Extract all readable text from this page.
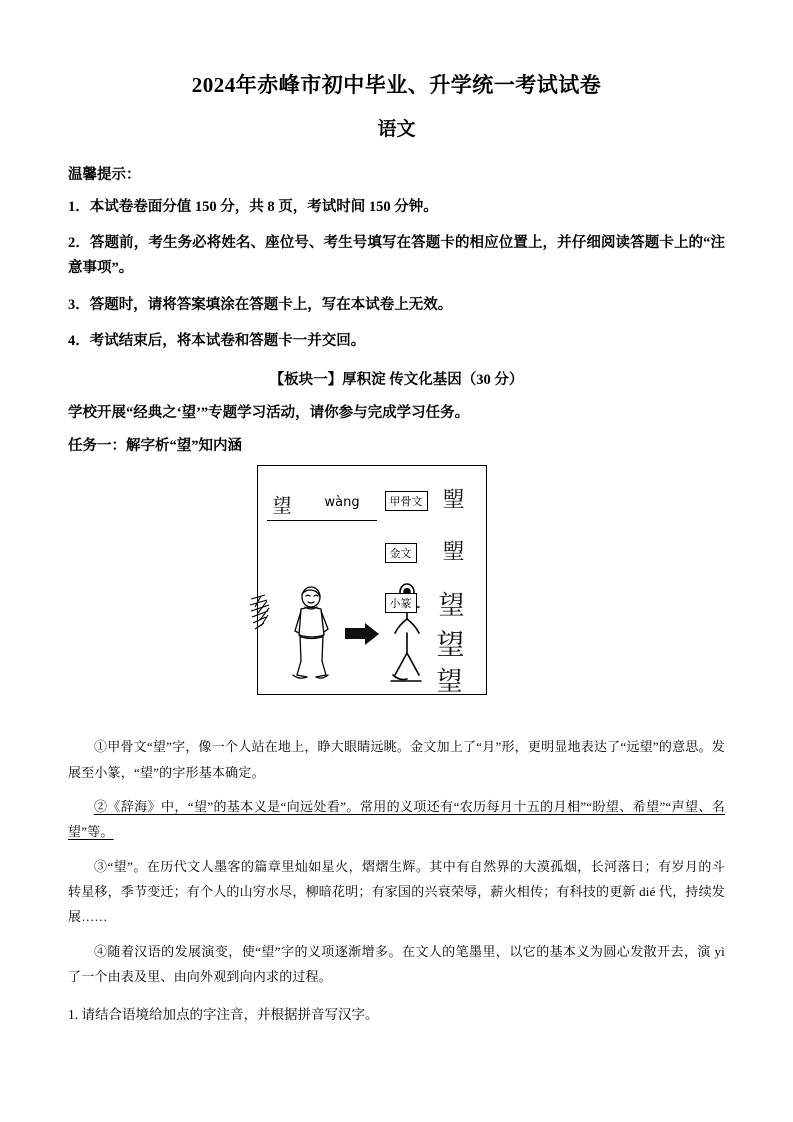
2024年赤峰市初中毕业、升学统一考试试卷
语文
温馨提示：
1．本试卷卷面分值 150 分，共 8 页，考试时间 150 分钟。
2．答题前，考生务必将姓名、座位号、考生号填写在答题卡的相应位置上，并仔细阅读答题卡上的“注意事项”。
3．答题时，请将答案填涂在答题卡上，写在本试卷上无效。
4．考试结束后，将本试卷和答题卡一并交回。
【板块一】厚积淀 传文化基因（30 分）
学校开展“经典之‘望’”专题学习活动，请你参与完成学习任务。
任务一：解字析“望”知内涵
望	wàng	甲骨文
金文
小篆
朢
朢
望
望
望

①甲骨文“望”字，像一个人站在地上，睁大眼睛远眺。金文加上了“月”形，更明显地表达了“远望”的意思。发展至小篆，“望”的字形基本确定。

②《辞海》中，“望”的基本义是“向远处看”。常用的义项还有“农历每月十五的月相”“盼望、希望”“声望、名望”等。

③“望”。在历代文人墨客的篇章里灿如星火，熠熠生辉。其中有自然界的大漠孤烟，长河落日；有岁月的斗转星移，季节变迁；有个人的山穷水尽，柳暗花明；有家国的兴衰荣辱，薪火相传；有科技的更新 dié 代，持续发展……

④随着汉语的发展演变，使“望”字的义项逐渐增多。在文人的笔墨里，以它的基本义为圆心发散开去，演 yì 了一个由表及里、由向外观到向内求的过程。

1. 请结合语境给加点的字注音，并根据拼音写汉字。
